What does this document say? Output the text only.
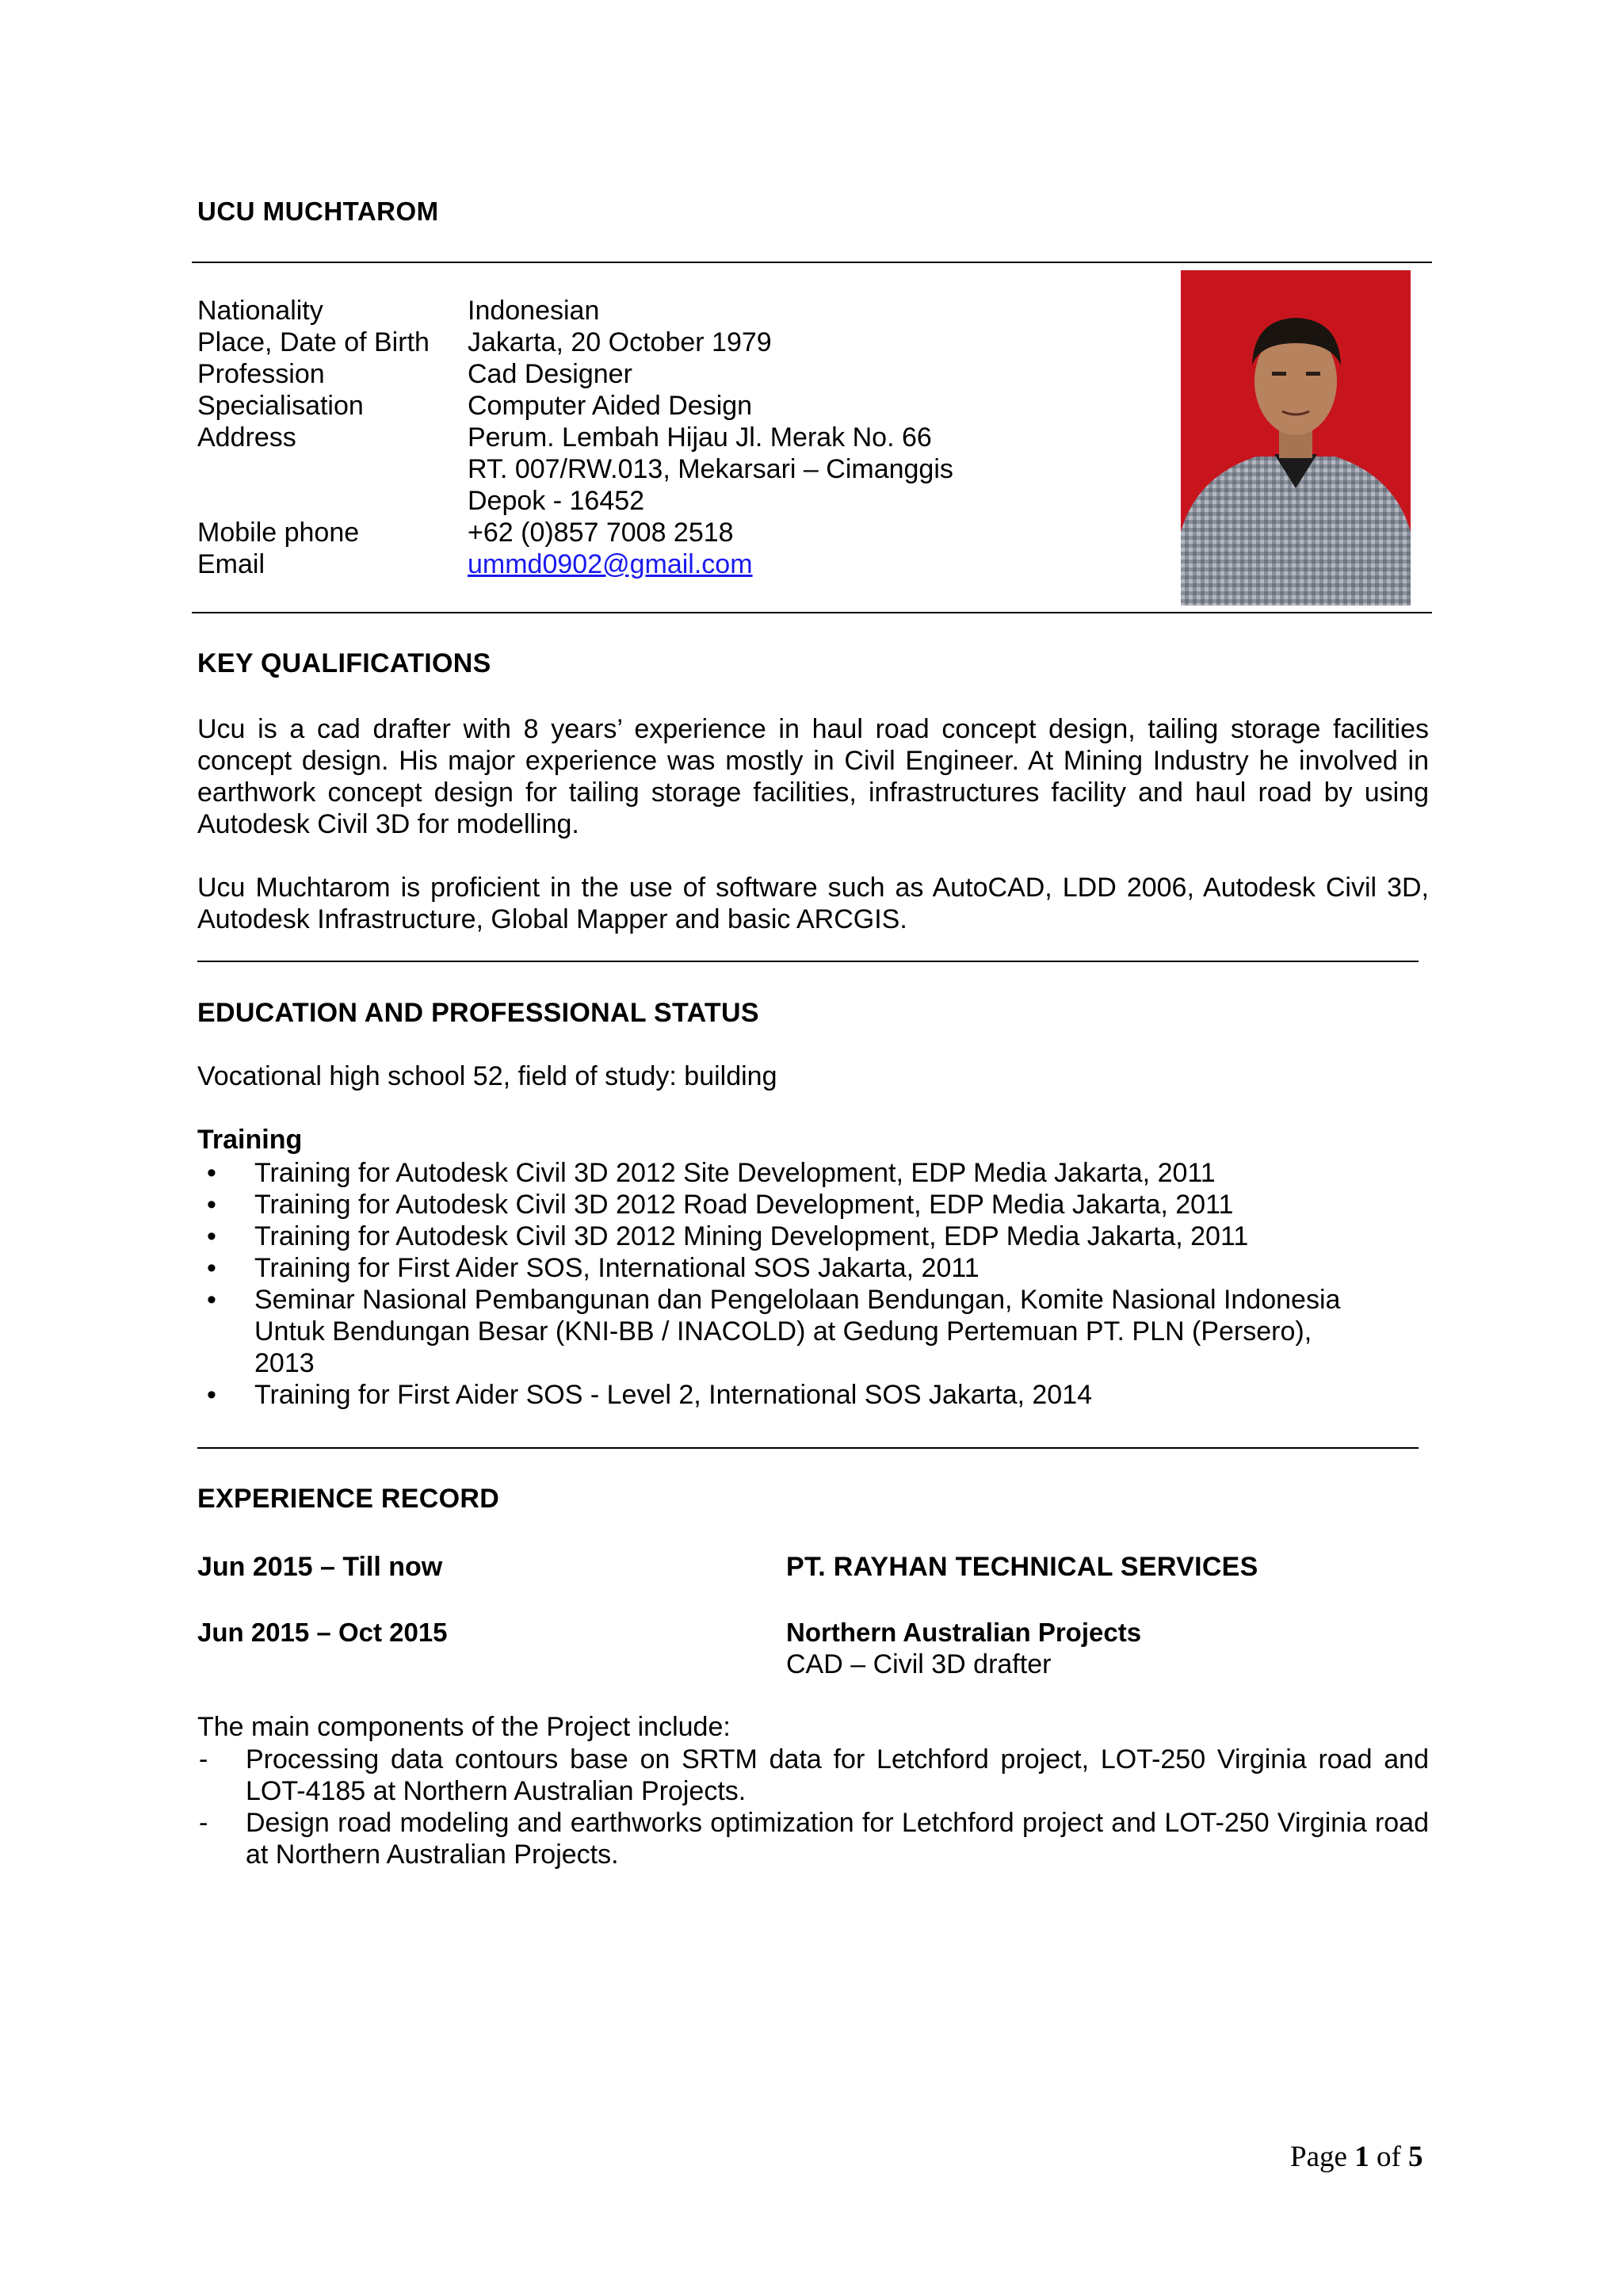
UCU MUCHTAROM
Nationality	Indonesian
Place, Date of Birth	Jakarta, 20 October 1979
Profession	Cad Designer
Specialisation	Computer Aided Design
Address	Perum. Lembah Hijau Jl. Merak No. 66
RT. 007/RW.013, Mekarsari – Cimanggis
Depok - 16452
Mobile phone	+62 (0)857 7008 2518
Email	ummd0902@gmail.com
KEY QUALIFICATIONS

Ucu is a cad drafter with 8 years’ experience in haul road concept design, tailing storage facilities concept design. His major experience was mostly in Civil Engineer. At Mining Industry he involved in earthwork concept design for tailing storage facilities, infrastructures facility and haul road by using Autodesk Civil 3D for modelling.

Ucu Muchtarom is proficient in the use of software such as AutoCAD, LDD 2006, Autodesk Civil 3D, Autodesk Infrastructure, Global Mapper and basic ARCGIS.

EDUCATION AND PROFESSIONAL STATUS
Vocational high school 52, field of study: building
Training
• Training for Autodesk Civil 3D 2012 Site Development, EDP Media Jakarta, 2011
• Training for Autodesk Civil 3D 2012 Road Development, EDP Media Jakarta, 2011
• Training for Autodesk Civil 3D 2012 Mining Development, EDP Media Jakarta, 2011
• Training for First Aider SOS, International SOS Jakarta, 2011
• Seminar Nasional Pembangunan dan Pengelolaan Bendungan, Komite Nasional Indonesia Untuk Bendungan Besar (KNI-BB / INACOLD) at Gedung Pertemuan PT. PLN (Persero), 2013
• Training for First Aider SOS - Level 2, International SOS Jakarta, 2014
EXPERIENCE RECORD
Jun 2015 – Till now	PT. RAYHAN TECHNICAL SERVICES
Jun 2015 – Oct 2015	Northern Australian Projects
CAD – Civil 3D drafter
The main components of the Project include:
- Processing data contours base on SRTM data for Letchford project, LOT-250 Virginia road and LOT-4185 at Northern Australian Projects.
- Design road modeling and earthworks optimization for Letchford project and LOT-250 Virginia road at Northern Australian Projects.
Page 1 of 5
